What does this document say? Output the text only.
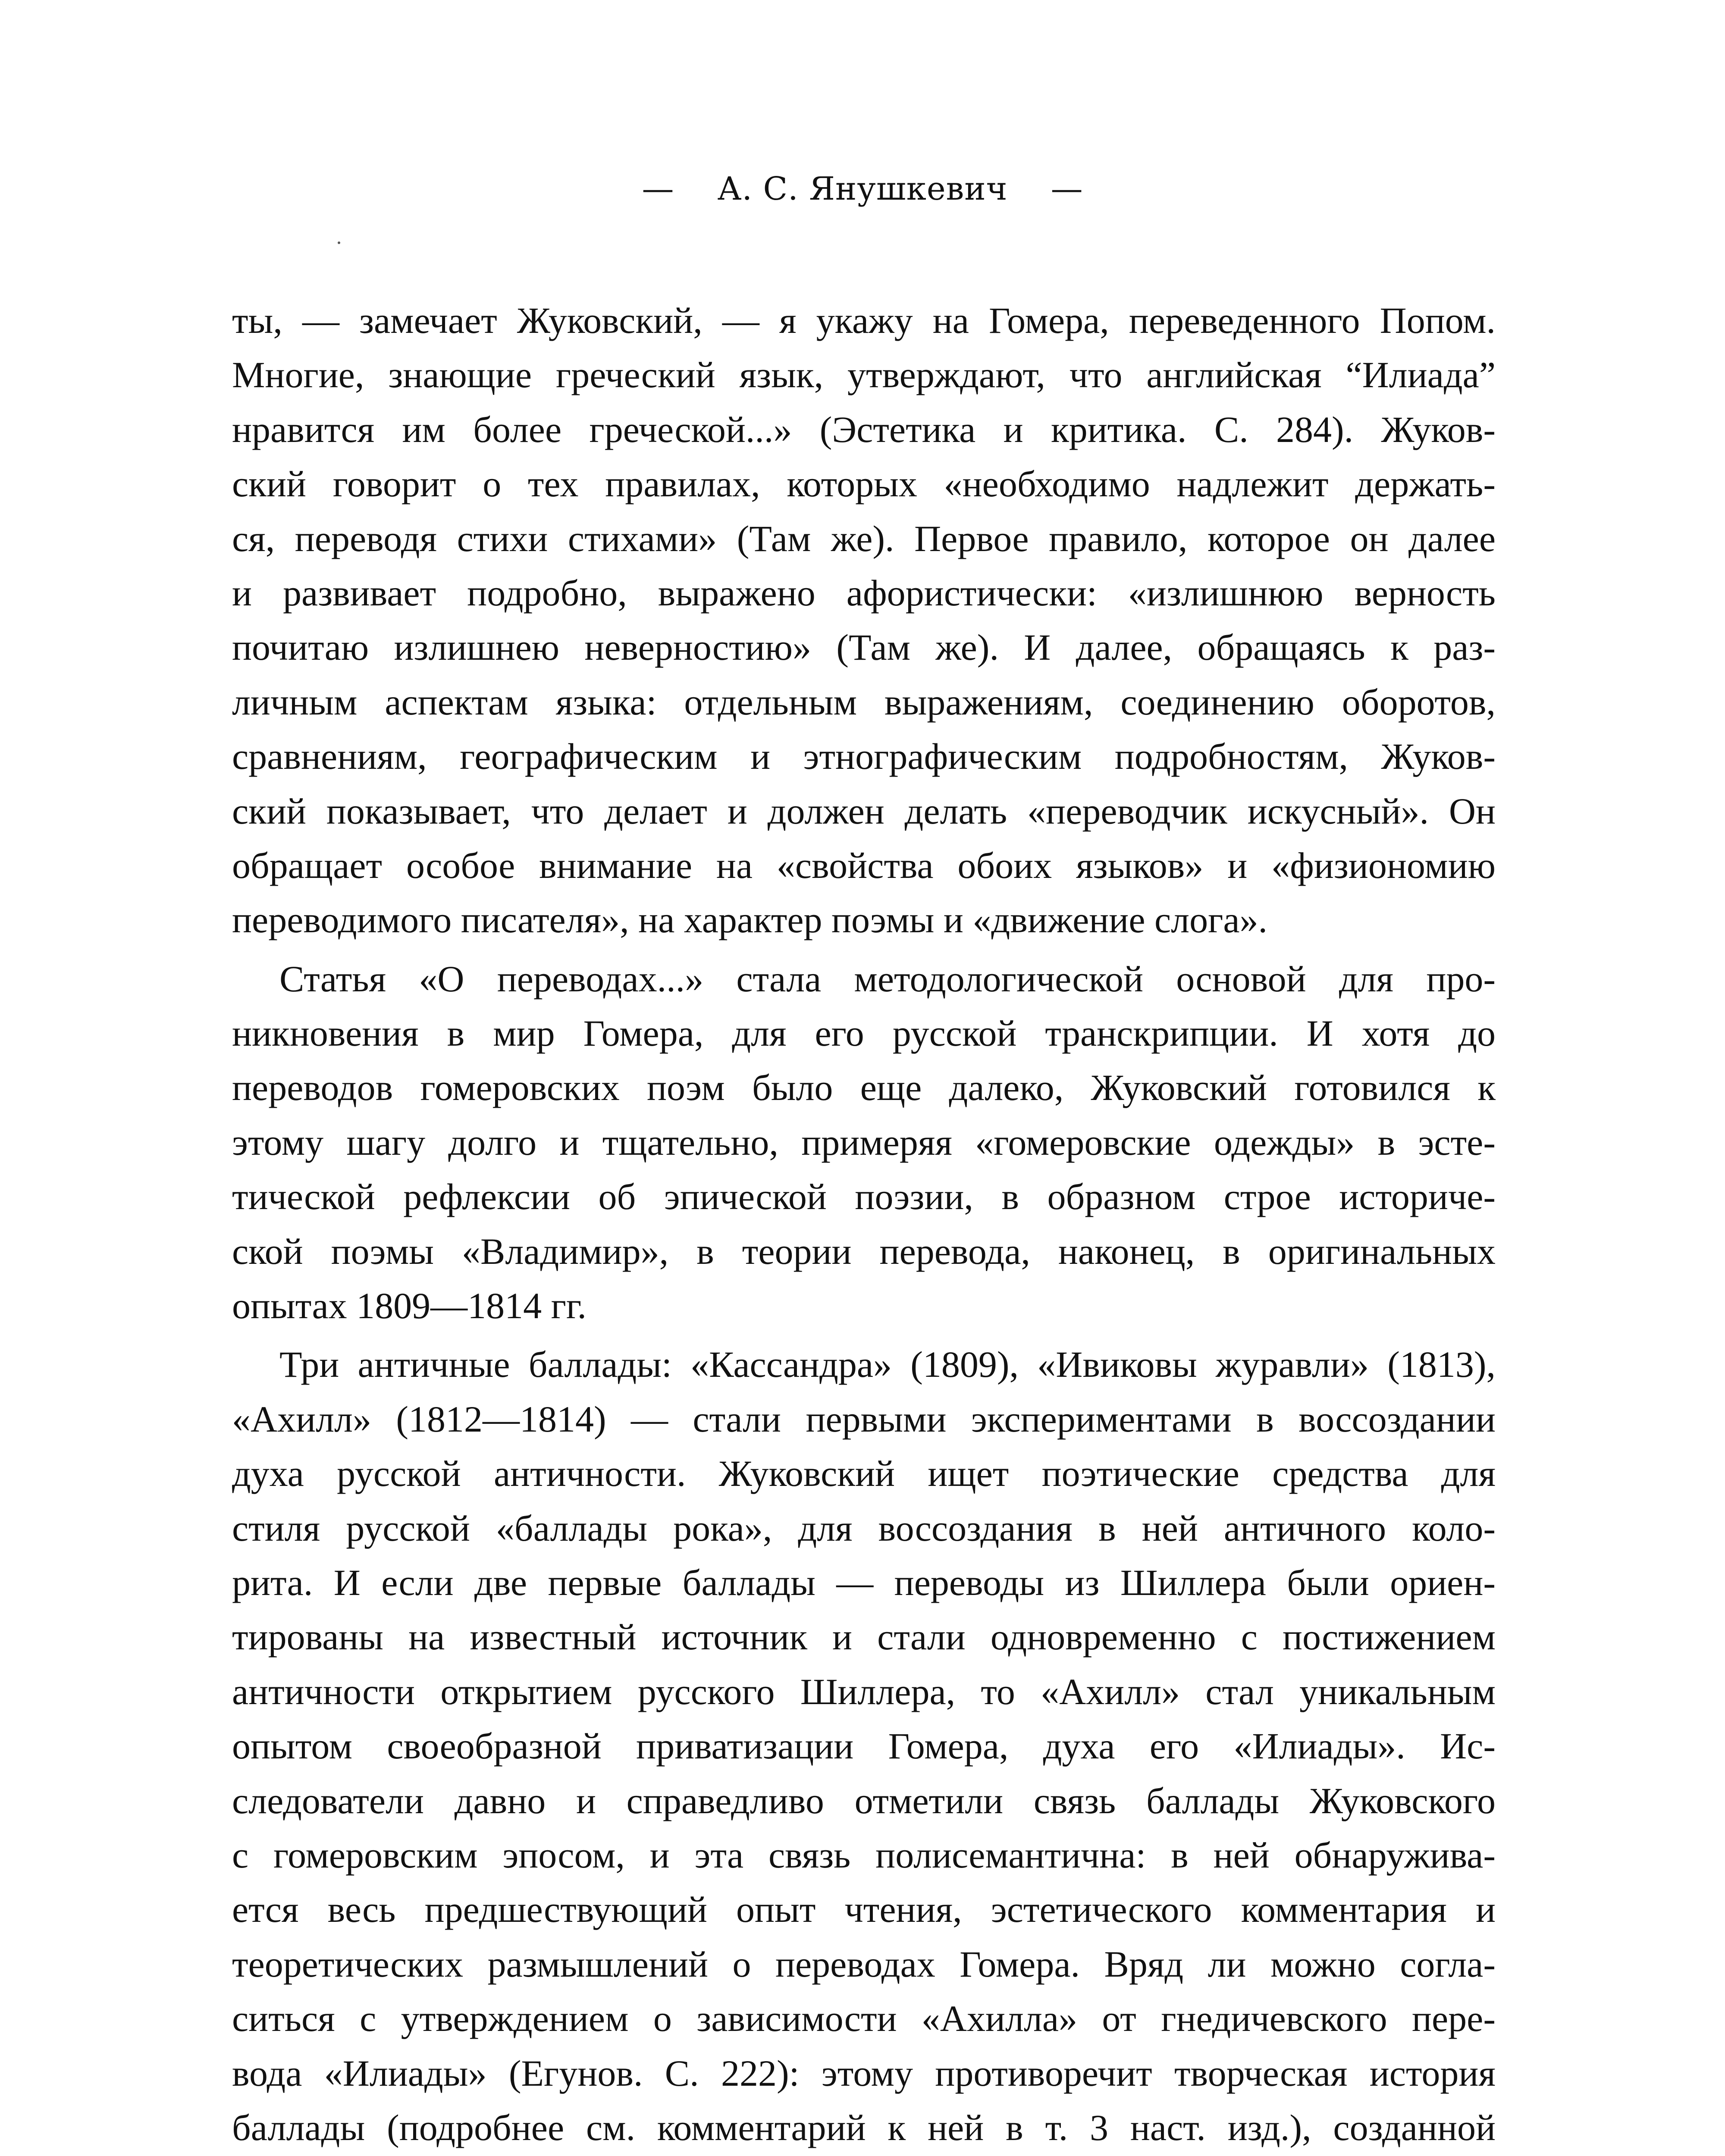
— А. С. Янушкевич —
ты, — замечает Жуковский, — я укажу на Гомера, переведенного Попом.
Многие, знающие греческий язык, утверждают, что английская “Илиада”
нравится им более греческой...» (Эстетика и критика. С. 284). Жуков-
ский говорит о тех правилах, которых «необходимо надлежит держать-
ся, переводя стихи стихами» (Там же). Первое правило, которое он далее
и развивает подробно, выражено афористически: «излишнюю верность
почитаю излишнею неверностию» (Там же). И далее, обращаясь к раз-
личным аспектам языка: отдельным выражениям, соединению оборотов,
сравнениям, географическим и этнографическим подробностям, Жуков-
ский показывает, что делает и должен делать «переводчик искусный». Он
обращает особое внимание на «свойства обоих языков» и «физиономию
переводимого писателя», на характер поэмы и «движение слога».
Статья «О переводах...» стала методологической основой для про-
никновения в мир Гомера, для его русской транскрипции. И хотя до
переводов гомеровских поэм было еще далеко, Жуковский готовился к
этому шагу долго и тщательно, примеряя «гомеровские одежды» в эсте-
тической рефлексии об эпической поэзии, в образном строе историче-
ской поэмы «Владимир», в теории перевода, наконец, в оригинальных
опытах 1809—1814 гг.
Три античные баллады: «Кассандра» (1809), «Ивиковы журавли» (1813),
«Ахилл» (1812—1814) — стали первыми экспериментами в воссоздании
духа русской античности. Жуковский ищет поэтические средства для
стиля русской «баллады рока», для воссоздания в ней античного коло-
рита. И если две первые баллады — переводы из Шиллера были ориен-
тированы на известный источник и стали одновременно с постижением
античности открытием русского Шиллера, то «Ахилл» стал уникальным
опытом своеобразной приватизации Гомера, духа его «Илиады». Ис-
следователи давно и справедливо отметили связь баллады Жуковского
с гомеровским эпосом, и эта связь полисемантична: в ней обнаружива-
ется весь предшествующий опыт чтения, эстетического комментария и
теоретических размышлений о переводах Гомера. Вряд ли можно согла-
ситься с утверждением о зависимости «Ахилла» от гнедичевского пере-
вода «Илиады» (Егунов. С. 222): этому противоречит творческая история
баллады (подробнее см. комментарий к ней в т. 3 наст. изд.), созданной
